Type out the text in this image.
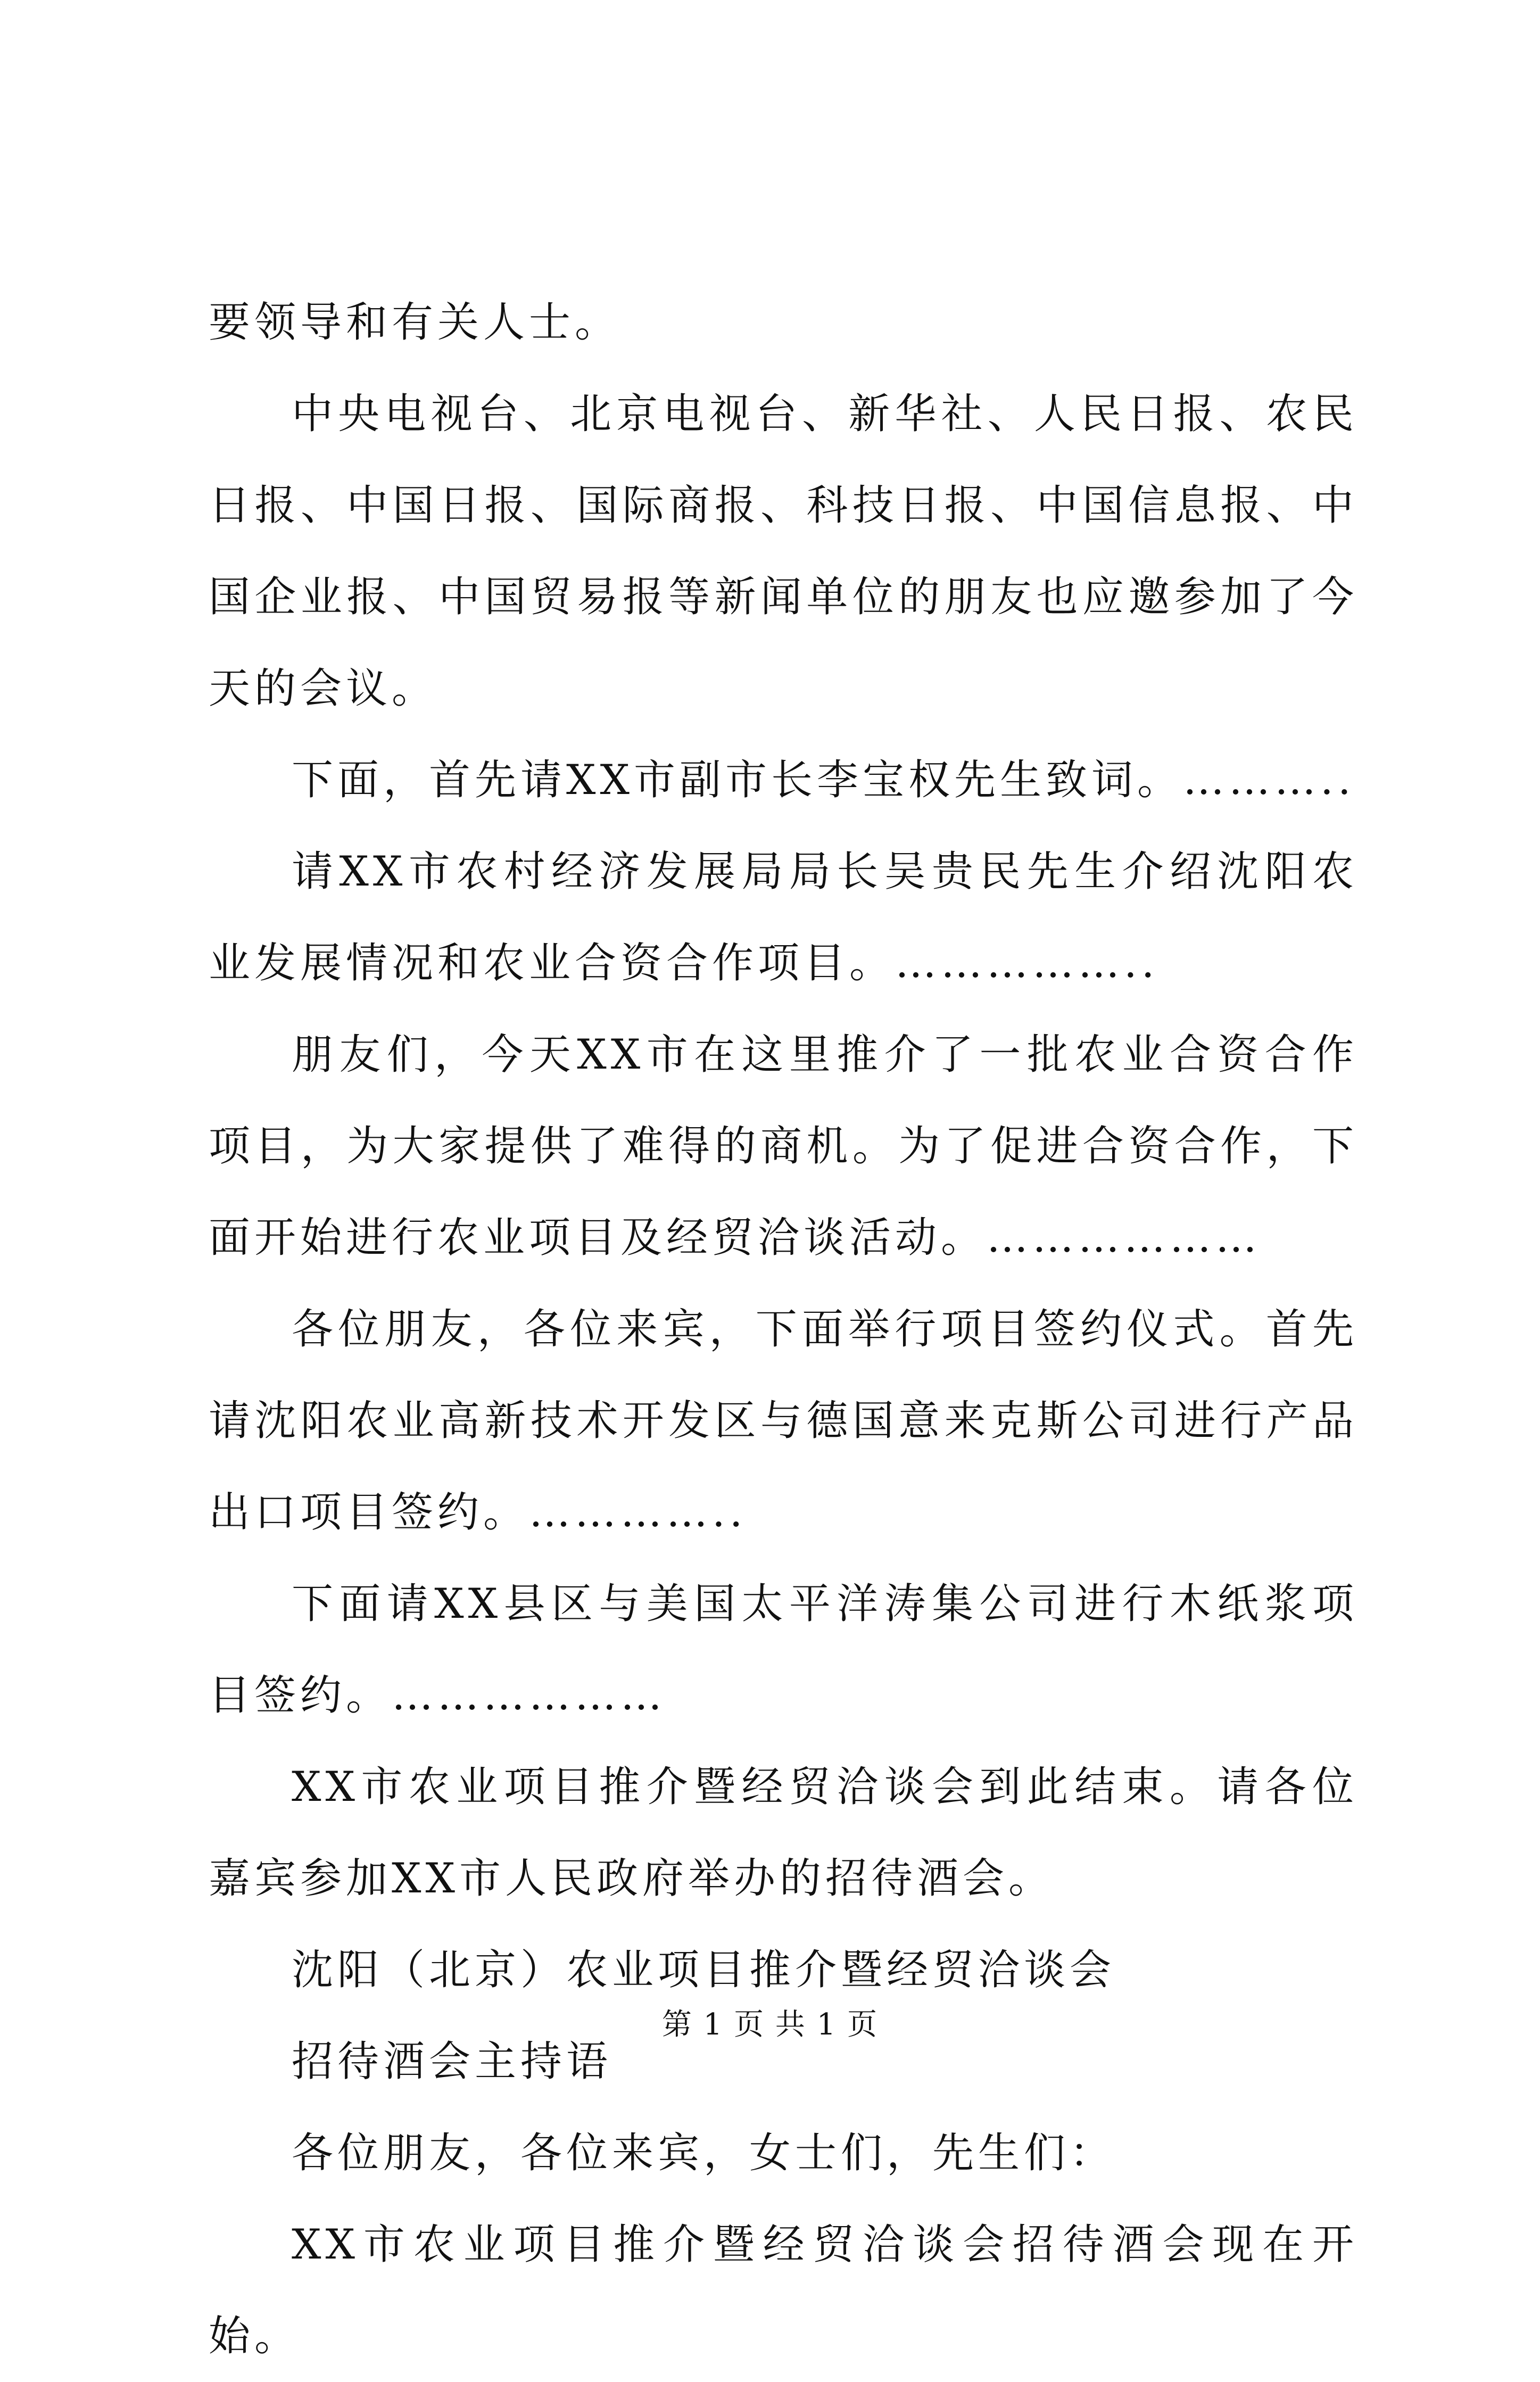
要领导和有关人士。

中央电视台、北京电视台、新华社、人民日报、农民日报、中国日报、国际商报、科技日报、中国信息报、中国企业报、中国贸易报等新闻单位的朋友也应邀参加了今天的会议。

下面，首先请XX市副市长李宝权先生致词。………..

请XX市农村经济发展局局长吴贵民先生介绍沈阳农业发展情况和农业合资合作项目。……………..

朋友们，今天XX市在这里推介了一批农业合资合作项目，为大家提供了难得的商机。为了促进合资合作，下面开始进行农业项目及经贸洽谈活动。………………

各位朋友，各位来宾，下面举行项目签约仪式。首先请沈阳农业高新技术开发区与德国意来克斯公司进行产品出口项目签约。…………..

下面请XX县区与美国太平洋涛集公司进行木纸浆项目签约。………………

XX市农业项目推介暨经贸洽谈会到此结束。请各位嘉宾参加XX市人民政府举办的招待酒会。

沈阳（北京）农业项目推介暨经贸洽谈会

招待酒会主持语

各位朋友，各位来宾，女士们，先生们：

XX市农业项目推介暨经贸洽谈会招待酒会现在开始。

第 1 页 共 1 页
